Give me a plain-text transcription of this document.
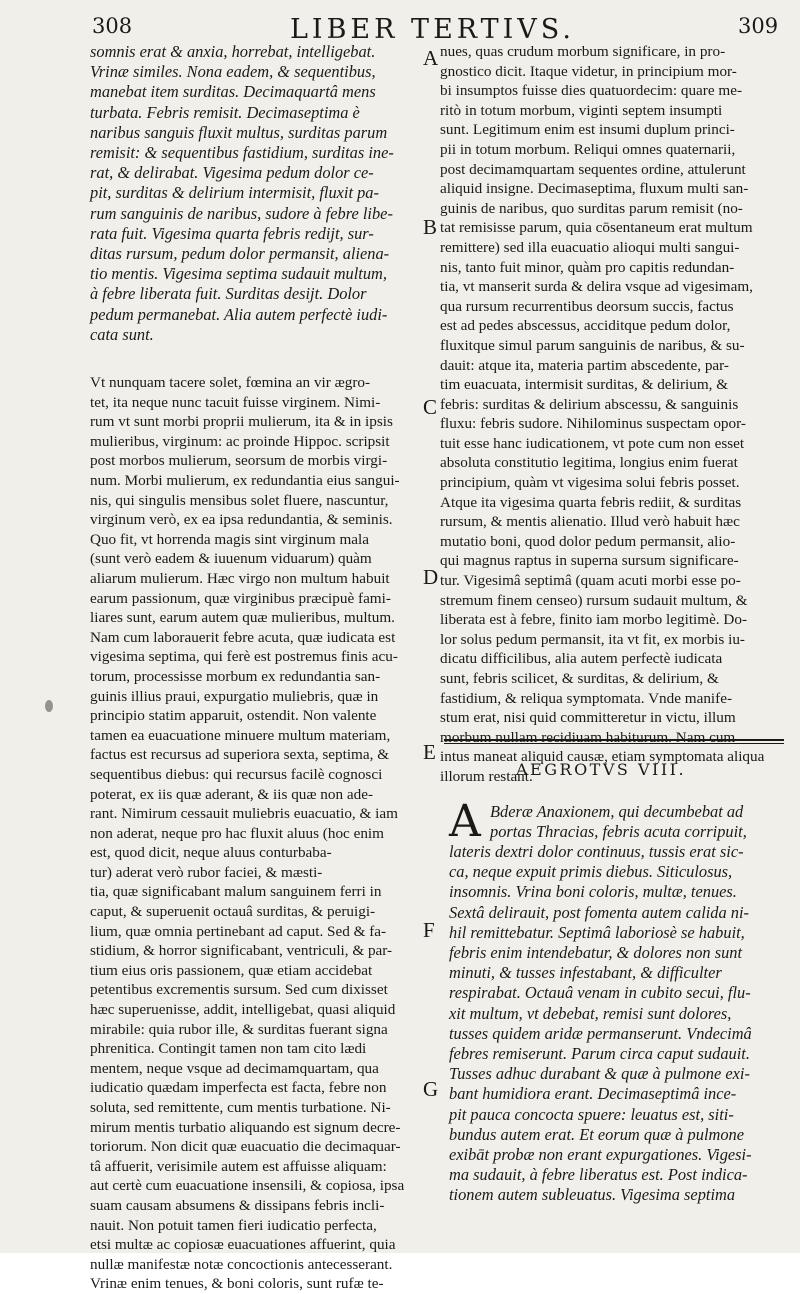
308	LIBER TERTIVS.	309
somnis erat & anxia, horrebat, intelligebat.
Vrinæ similes. Nona eadem, & sequentibus,
manebat item surditas. Decimaquartâ mens
turbata. Febris remisit. Decimaseptima è
naribus sanguis fluxit multus, surditas parum
remisit: & sequentibus fastidium, surditas ine-
rat, & delirabat. Vigesima pedum dolor ce-
pit, surditas & delirium intermisit, fluxit pa-
rum sanguinis de naribus, sudore à febre libe-
rata fuit. Vigesima quarta febris redijt, sur-
ditas rursum, pedum dolor permansit, aliena-
tio mentis. Vigesima septima sudauit multum,
à febre liberata fuit. Surditas desijt. Dolor
pedum permanebat. Alia autem perfectè iudi-
cata sunt.
Vt nunquam tacere solet, fœmina an vir ægro-
tet, ita neque nunc tacuit fuisse virginem. Nimi-
rum vt sunt morbi proprii mulierum, ita & in ipsis
mulieribus, virginum: ac proinde Hippoc. scripsit
post morbos mulierum, seorsum de morbis virgi-
num. Morbi mulierum, ex redundantia eius sangui-
nis, qui singulis mensibus solet fluere, nascuntur,
virginum verò, ex ea ipsa redundantia, & seminis.
Quo fit, vt horrenda magis sint virginum mala
(sunt verò eadem & iuuenum viduarum) quàm
aliarum mulierum. Hæc virgo non multum habuit
earum passionum, quæ virginibus præcipuè fami-
liares sunt, earum autem quæ mulieribus, multum.
Nam cum laborauerit febre acuta, quæ iudicata est
vigesima septima, qui ferè est postremus finis acu-
torum, processisse morbum ex redundantia san-
guinis illius praui, expurgatio muliebris, quæ in
principio statim apparuit, ostendit. Non valente
tamen ea euacuatione minuere multum materiam,
factus est recursus ad superiora sexta, septima, &
sequentibus diebus: qui recursus facilè cognosci
poterat, ex iis quæ aderant, & iis quæ non ade-
rant. Nimirum cessauit muliebris euacuatio, & iam
non aderat, neque pro hac fluxit aluus (hoc enim
est, quod dicit, neque aluus conturbaba-
tur) aderat verò rubor faciei, & mæsti-
tia, quæ significabant malum sanguinem ferri in
caput, & superuenit octauâ surditas, & peruigi-
lium, quæ omnia pertinebant ad caput. Sed & fa-
stidium, & horror significabant, ventriculi, & par-
tium eius oris passionem, quæ etiam accidebat
petentibus excrementis sursum. Sed cum dixisset
hæc superuenisse, addit, intelligebat, quasi aliquid
mirabile: quia rubor ille, & surditas fuerant signa
phrenitica. Contingit tamen non tam cito lædi
mentem, neque vsque ad decimamquartam, qua
iudicatio quædam imperfecta est facta, febre non
soluta, sed remittente, cum mentis turbatione. Ni-
mirum mentis turbatio aliquando est signum decre-
toriorum. Non dicit quæ euacuatio die decimaquar-
tâ affuerit, verisimile autem est affuisse aliquam:
aut certè cum euacuatione insensili, & copiosa, ipsa
suam causam absumens & dissipans febris incli-
nauit. Non potuit tamen fieri iudicatio perfecta,
etsi multæ ac copiosæ euacuationes affuerint, quia
nullæ manifestæ notæ concoctionis antecesserant.
Vrinæ enim tenues, & boni coloris, sunt rufæ te-
nues, quas crudum morbum significare, in pro-
gnostico dicit. Itaque videtur, in principium mor-
bi insumptos fuisse dies quatuordecim: quare me-
ritò in totum morbum, viginti septem insumpti
sunt. Legitimum enim est insumi duplum princi-
pii in totum morbum. Reliqui omnes quaternarii,
post decimamquartam sequentes ordine, attulerunt
aliquid insigne. Decimaseptima, fluxum multi san-
guinis de naribus, quo surditas parum remisit (no-
tat remisisse parum, quia cōsentaneum erat multum
remittere) sed illa euacuatio alioqui multi sangui-
nis, tanto fuit minor, quàm pro capitis redundan-
tia, vt manserit surda & delira vsque ad vigesimam,
qua rursum recurrentibus deorsum succis, factus
est ad pedes abscessus, acciditque pedum dolor,
fluxitque simul parum sanguinis de naribus, & su-
dauit: atque ita, materia partim abscedente, par-
tim euacuata, intermisit surditas, & delirium, &
febris: surditas & delirium abscessu, & sanguinis
fluxu: febris sudore. Nihilominus suspectam opor-
tuit esse hanc iudicationem, vt pote cum non esset
absoluta constitutio legitima, longius enim fuerat
principium, quàm vt vigesima solui febris posset.
Atque ita vigesima quarta febris rediit, & surditas
rursum, & mentis alienatio. Illud verò habuit hæc
mutatio boni, quod dolor pedum permansit, alio-
qui magnus raptus in superna sursum significare-
tur. Vigesimâ septimâ (quam acuti morbi esse po-
stremum finem censeo) rursum sudauit multum, &
liberata est à febre, finito iam morbo legitimè. Do-
lor solus pedum permansit, ita vt fit, ex morbis iu-
dicatu difficilibus, alia autem perfectè iudicata
sunt, febris scilicet, & surditas, & delirium, &
fastidium, & reliqua symptomata. Vnde manife-
stum erat, nisi quid committeretur in victu, illum
morbum nullam recidiuam habiturum. Nam cum
intus maneat aliquid causæ, etiam symptomata aliqua
illorum restant.
AEGROTVS VIII.
A Bderæ Anaxionem, qui decumbebat ad
portas Thracias, febris acuta corripuit,
lateris dextri dolor continuus, tussis erat sic-
ca, neque expuit primis diebus. Siticulosus,
insomnis. Vrina boni coloris, multæ, tenues.
Sextâ delirauit, post fomenta autem calida ni-
hil remittebatur. Septimâ laboriosè se habuit,
febris enim intendebatur, & dolores non sunt
minuti, & tusses infestabant, & difficulter
respirabat. Octauâ venam in cubito secui, flu-
xit multum, vt debebat, remisi sunt dolores,
tusses quidem aridæ permanserunt. Vndecimâ
febres remiserunt. Parum circa caput sudauit.
Tusses adhuc durabant & quæ à pulmone exi-
bant humidiora erant. Decimaseptimâ ince-
pit pauca concocta spuere: leuatus est, siti-
bundus autem erat. Et eorum quæ à pulmone
exibāt probæ non erant expurgationes. Vigesi-
ma sudauit, à febre liberatus est. Post indica-
tionem autem subleuatus. Vigesima septima
A
B
C
D
E
F
G
